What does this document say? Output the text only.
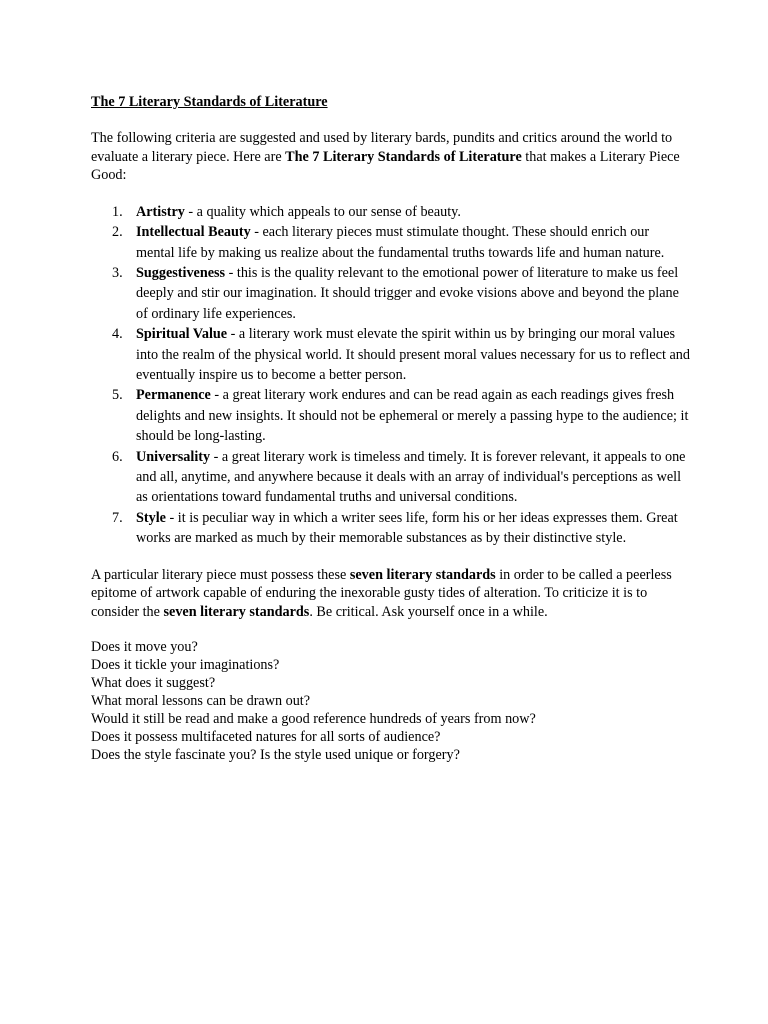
The 7 Literary Standards of Literature

The following criteria are suggested and used by literary bards, pundits and critics around the world to evaluate a literary piece. Here are The 7 Literary Standards of Literature that makes a Literary Piece Good:

1. Artistry - a quality which appeals to our sense of beauty.
2. Intellectual Beauty - each literary pieces must stimulate thought. These should enrich our mental life by making us realize about the fundamental truths towards life and human nature.
3. Suggestiveness - this is the quality relevant to the emotional power of literature to make us feel deeply and stir our imagination. It should trigger and evoke visions above and beyond the plane of ordinary life experiences.
4. Spiritual Value - a literary work must elevate the spirit within us by bringing our moral values into the realm of the physical world. It should present moral values necessary for us to reflect and eventually inspire us to become a better person.
5. Permanence - a great literary work endures and can be read again as each readings gives fresh delights and new insights. It should not be ephemeral or merely a passing hype to the audience; it should be long-lasting.
6. Universality - a great literary work is timeless and timely. It is forever relevant, it appeals to one and all, anytime, and anywhere because it deals with an array of individual's perceptions as well as orientations toward fundamental truths and universal conditions.
7. Style - it is peculiar way in which a writer sees life, form his or her ideas expresses them. Great works are marked as much by their memorable substances as by their distinctive style.

A particular literary piece must possess these seven literary standards in order to be called a peerless epitome of artwork capable of enduring the inexorable gusty tides of alteration. To criticize it is to consider the seven literary standards. Be critical. Ask yourself once in a while.

Does it move you?
Does it tickle your imaginations?
What does it suggest?
What moral lessons can be drawn out?
Would it still be read and make a good reference hundreds of years from now?
Does it possess multifaceted natures for all sorts of audience?
Does the style fascinate you? Is the style used unique or forgery?
